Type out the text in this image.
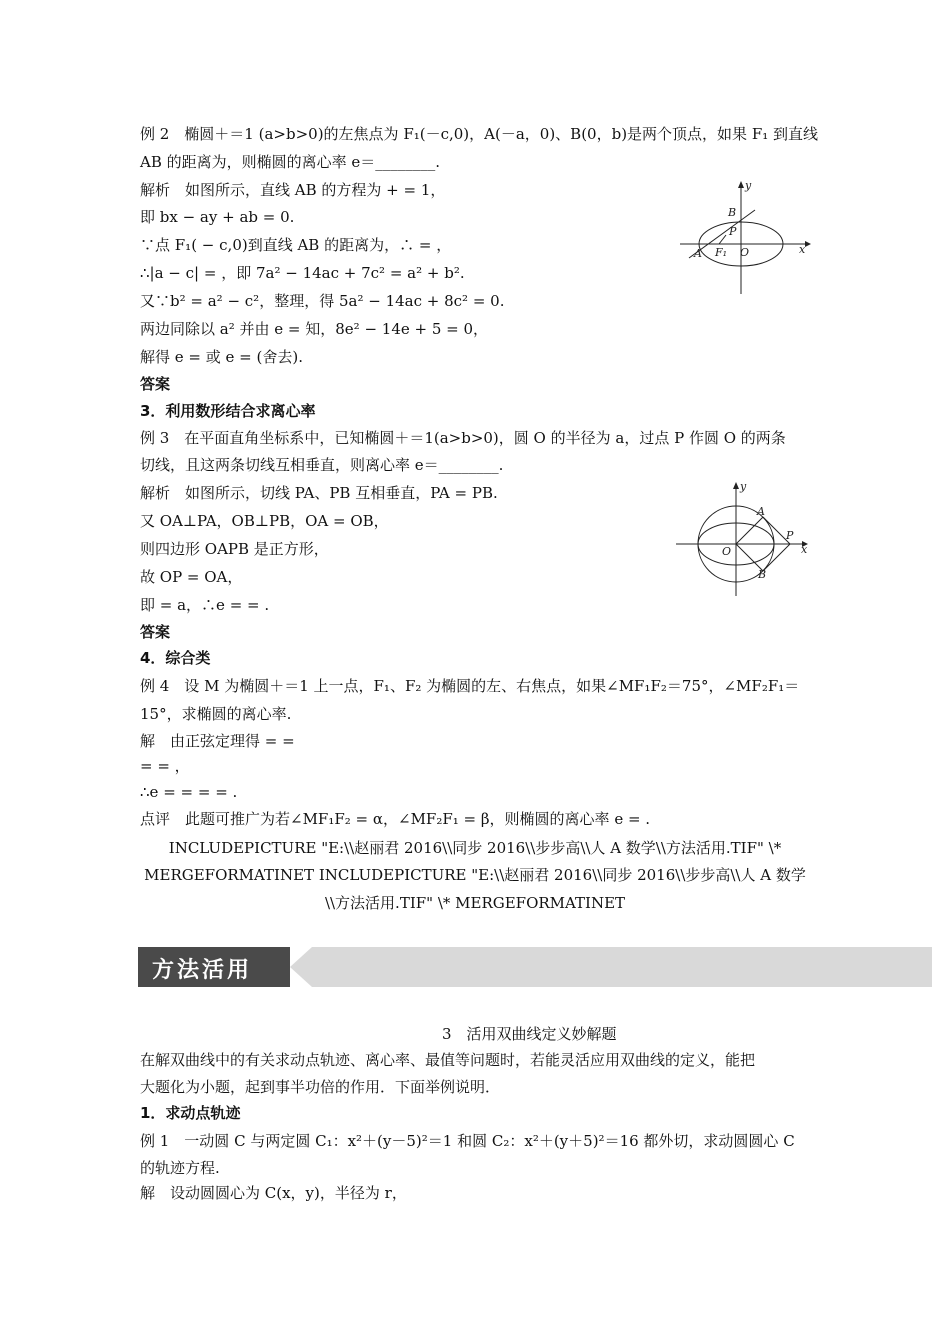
例 2　椭圆＋＝1 (a>b>0)的左焦点为 F₁(－c,0)，A(－a，0)、B(0，b)是两个顶点，如果 F₁ 到直线
AB 的距离为，则椭圆的离心率 e＝________.
解析　如图所示，直线 AB 的方程为 + = 1，
即 bx − ay + ab = 0.
∵点 F₁( − c,0)到直线 AB 的距离为，∴ = ，
∴|a − c| = ，即 7a² − 14ac + 7c² = a² + b².
又∵b² = a² − c²，整理，得 5a² − 14ac + 8c² = 0.
两边同除以 a² 并由 e = 知，8e² − 14e + 5 = 0，
解得 e = 或 e = (舍去).
答案
3．利用数形结合求离心率
例 3　在平面直角坐标系中，已知椭圆＋＝1(a>b>0)，圆 O 的半径为 a，过点 P 作圆 O 的两条
切线，且这两条切线互相垂直，则离心率 e＝________.
解析　如图所示，切线 PA、PB 互相垂直，PA = PB.
又 OA⊥PA，OB⊥PB，OA = OB，
则四边形 OAPB 是正方形，
故 OP = OA，
即 = a，∴e = = .
答案
4．综合类
例 4　设 M 为椭圆＋＝1 上一点，F₁、F₂ 为椭圆的左、右焦点，如果∠MF₁F₂＝75°，∠MF₂F₁＝
15°，求椭圆的离心率.
解　由正弦定理得 = =
= = ，
∴e = = = = .
点评　此题可推广为若∠MF₁F₂ = α，∠MF₂F₁ = β，则椭圆的离心率 e = .
INCLUDEPICTURE "E:\\赵丽君 2016\\同步 2016\\步步高\\人 A 数学\\方法活用.TIF" \*
MERGEFORMATINET INCLUDEPICTURE "E:\\赵丽君 2016\\同步 2016\\步步高\\人 A 数学
\\方法活用.TIF" \* MERGEFORMATINET
3　活用双曲线定义妙解题
在解双曲线中的有关求动点轨迹、离心率、最值等问题时，若能灵活应用双曲线的定义，能把
大题化为小题，起到事半功倍的作用．下面举例说明．
1．求动点轨迹
例 1　一动圆 C 与两定圆 C₁：x²＋(y－5)²＝1 和圆 C₂：x²＋(y＋5)²＝16 都外切，求动圆圆心 C
的轨迹方程.
解　设动圆圆心为 C(x，y)，半径为 r，
方法活用
y
x
B
P
A F₁ O
y
x
A
P
O
B
